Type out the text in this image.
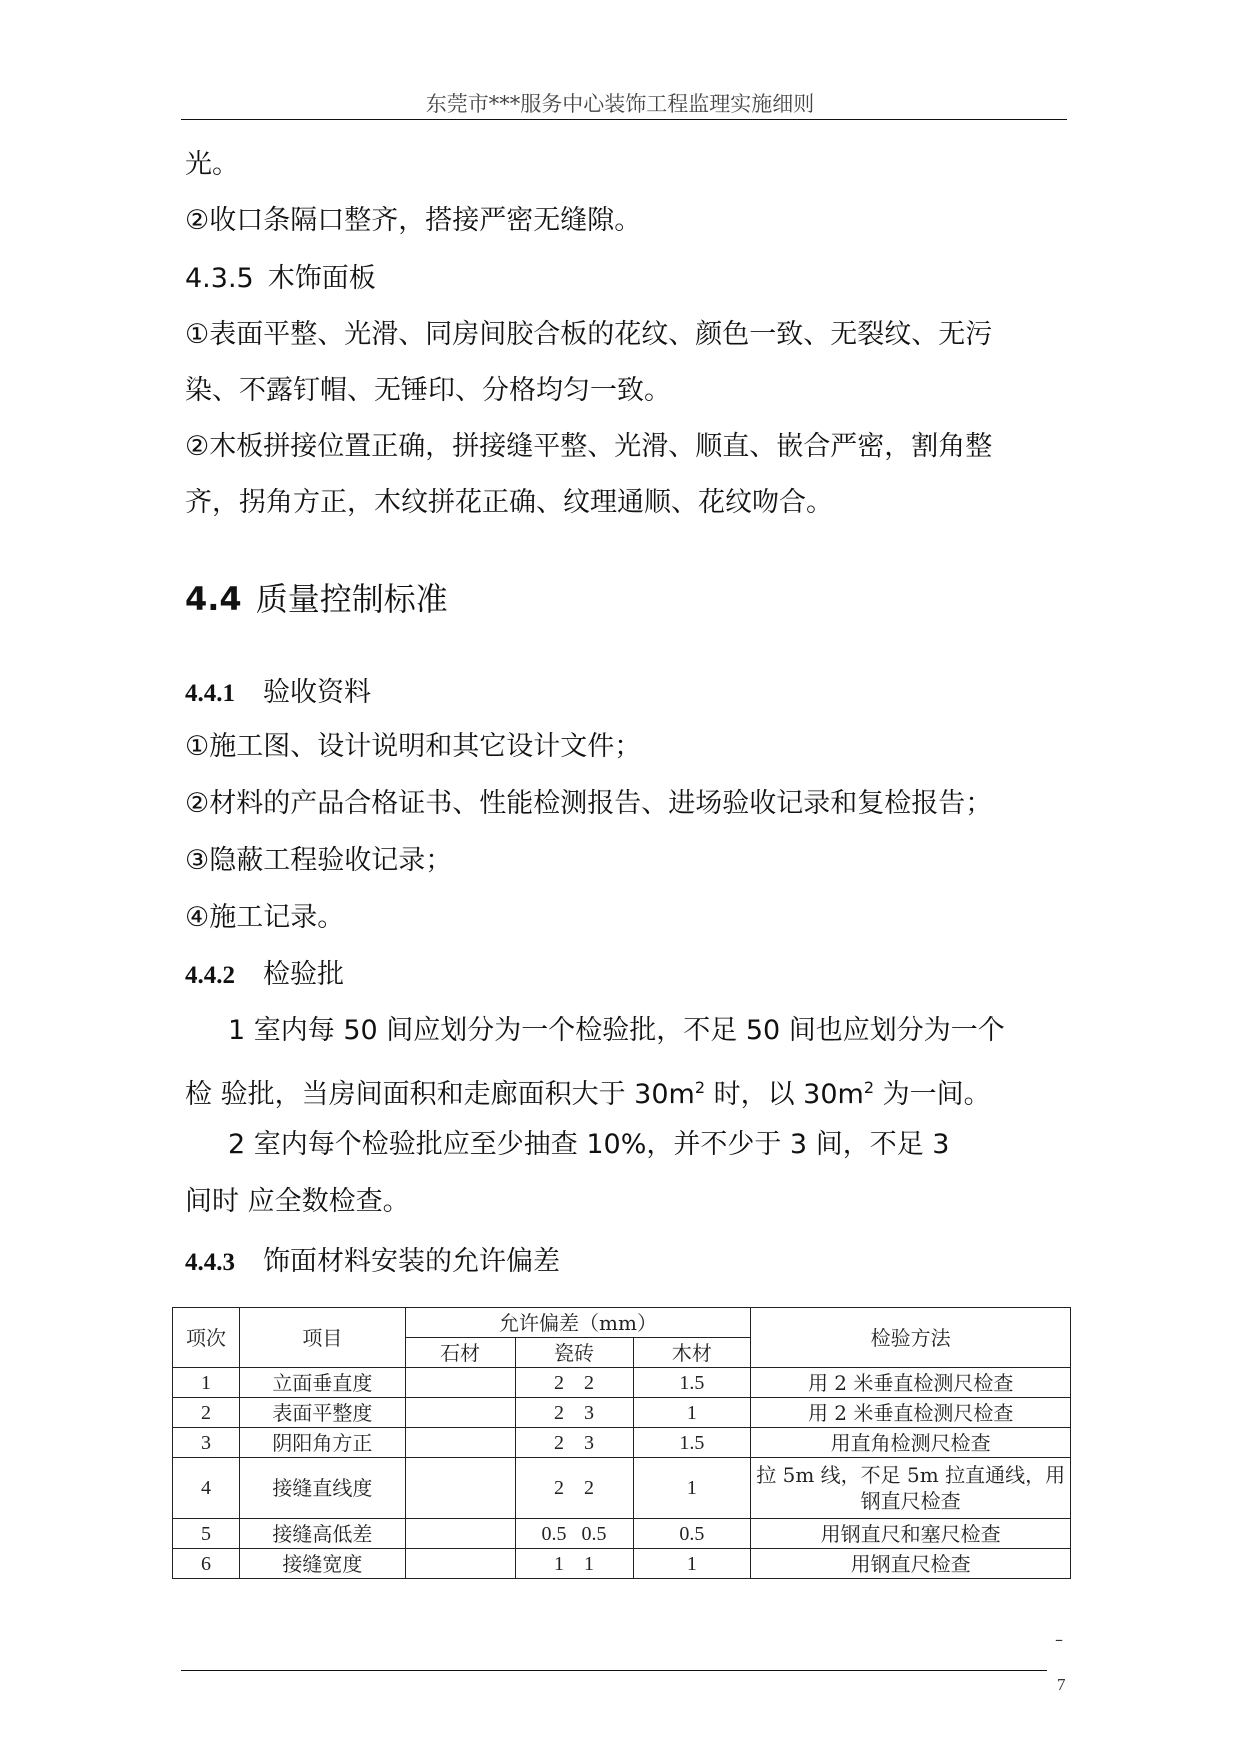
东莞市***服务中心装饰工程监理实施细则
光。
②收口条隔口整齐，搭接严密无缝隙。
4.3.5 木饰面板
①表面平整、光滑、同房间胶合板的花纹、颜色一致、无裂纹、无污
染、不露钉帽、无锤印、分格均匀一致。
②木板拼接位置正确，拼接缝平整、光滑、顺直、嵌合严密，割角整
齐，拐角方正，木纹拼花正确、纹理通顺、花纹吻合。
4.4 质量控制标准
4.4.1 验收资料
①施工图、设计说明和其它设计文件；
②材料的产品合格证书、性能检测报告、进场验收记录和复检报告；
③隐蔽工程验收记录；
④施工记录。
4.4.2 检验批
1 室内每 50 间应划分为一个检验批，不足 50 间也应划分为一个
检 验批，当房间面积和走廊面积大于 $30m^2$ 时，以 $30m^2$ 为一间。
2 室内每个检验批应至少抽查 10%，并不少于 3 间，不足 3
间时 应全数检查。
4.4.3 饰面材料安装的允许偏差
项次	项目	允许偏差（mm）			检验方法
		石材	瓷砖	木材	
1	立面垂直度		2    2	1.5	用 2 米垂直检测尺检查
2	表面平整度		2    3	1	用 2 米垂直检测尺检查
3	阴阳角方正		2    3	1.5	用直角检测尺检查
4	接缝直线度		2    2	1	拉 5m 线，不足 5m 拉直通线，用钢直尺检查
5	接缝高低差		0.5   0.5	0.5	用钢直尺和塞尺检查
6	接缝宽度		1    1	1	用钢直尺检查
–
7
